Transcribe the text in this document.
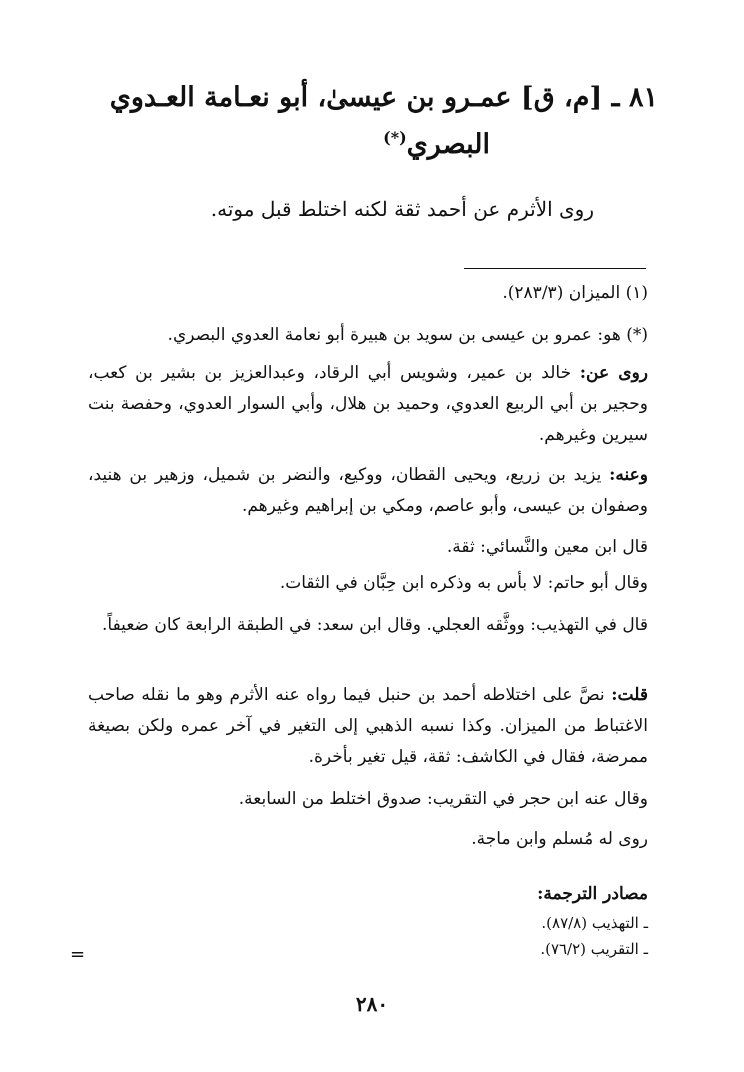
٨١ ـ [م، ق] عمـرو بن عيسىٰ، أبو نعـامة العـدوي
البصري(*)
روى الأثرم عن أحمد ثقة لكنه اختلط قبل موته.
(١) الميزان (٢٨٣/٣).
(*) هو: عمرو بن عيسى بن سويد بن هبيرة أبو نعامة العدوي البصري.
روى عن: خالد بن عمير، وشويس أبي الرقاد، وعبدالعزيز بن بشير بن كعب، وحجير بن أبي الربيع العدوي، وحميد بن هلال، وأبي السوار العدوي، وحفصة بنت سيرين وغيرهم.
وعنه: يزيد بن زريع، ويحيى القطان، ووكيع، والنضر بن شميل، وزهير بن هنيد، وصفوان بن عيسى، وأبو عاصم، ومكي بن إبراهيم وغيرهم.
قال ابن معين والنَّسائي: ثقة.
وقال أبو حاتم: لا بأس به وذكره ابن حِبَّان في الثقات.
قال في التهذيب: ووثَّقه العجلي. وقال ابن سعد: في الطبقة الرابعة كان ضعيفاً.
قلت: نصَّ على اختلاطه أحمد بن حنبل فيما رواه عنه الأثرم وهو ما نقله صاحب الاغتباط من الميزان. وكذا نسبه الذهبي إلى التغير في آخر عمره ولكن بصيغة ممرضة، فقال في الكاشف: ثقة، قيل تغير بأخرة.
وقال عنه ابن حجر في التقريب: صدوق اختلط من السابعة.
روى له مُسلم وابن ماجة.
مصادر الترجمة:
ـ التهذيب (٨٧/٨).
ـ التقريب (٧٦/٢).
=
٢٨٠
